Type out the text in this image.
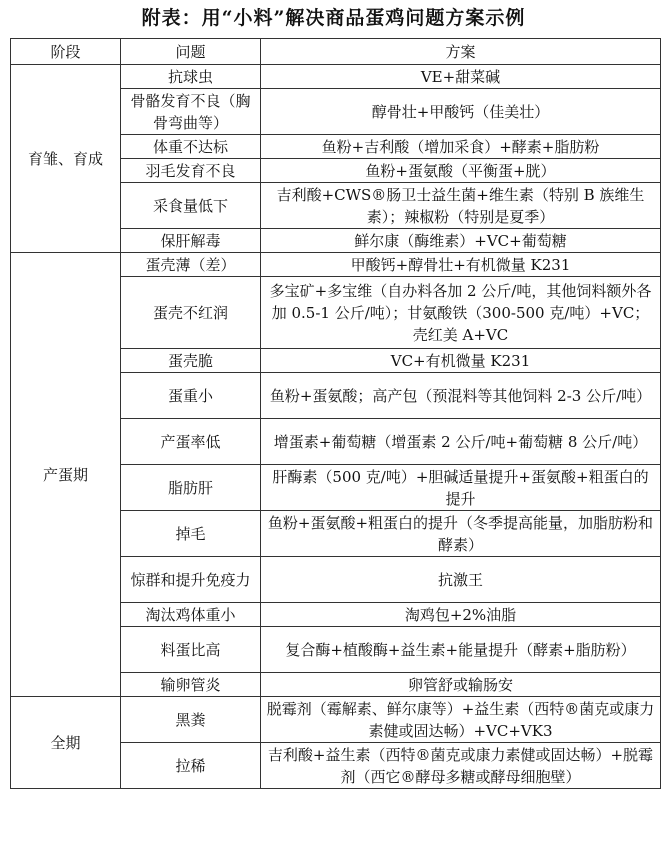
附表：用“小料”解决商品蛋鸡问题方案示例
阶段	问题	方案
育雏、育成	抗球虫	VE+甜菜碱
	骨骼发育不良（胸骨弯曲等）	醇骨壮+甲酸钙（佳美壮）
	体重不达标	鱼粉+吉利酸（增加采食）+酵素+脂肪粉
	羽毛发育不良	鱼粉+蛋氨酸（平衡蛋+胱）
	采食量低下	吉利酸+CWS®肠卫士益生菌+维生素（特别 B 族维生素）；辣椒粉（特别是夏季）
	保肝解毒	鲜尔康（酶维素）+VC+葡萄糖
产蛋期	蛋壳薄（差）	甲酸钙+醇骨壮+有机微量 K231
	蛋壳不红润	多宝矿+多宝维（自办料各加 2 公斤/吨，其他饲料额外各加 0.5-1 公斤/吨）；甘氨酸铁（300-500 克/吨）+VC；壳红美 A+VC
	蛋壳脆	VC+有机微量 K231
	蛋重小	鱼粉+蛋氨酸；高产包（预混料等其他饲料 2-3 公斤/吨）
	产蛋率低	增蛋素+葡萄糖（增蛋素 2 公斤/吨+葡萄糖 8 公斤/吨）
	脂肪肝	肝酶素（500 克/吨）+胆碱适量提升+蛋氨酸+粗蛋白的提升
	掉毛	鱼粉+蛋氨酸+粗蛋白的提升（冬季提高能量，加脂肪粉和酵素）
	惊群和提升免疫力	抗激王
	淘汰鸡体重小	淘鸡包+2%油脂
	料蛋比高	复合酶+植酸酶+益生素+能量提升（酵素+脂肪粉）
	输卵管炎	卵管舒或输肠安
全期	黑粪	脱霉剂（霉解素、鲜尔康等）+益生素（西特®菌克或康力素健或固达畅）+VC+VK3
	拉稀	吉利酸+益生素（西特®菌克或康力素健或固达畅）+脱霉剂（西它®酵母多糖或酵母细胞壁）
